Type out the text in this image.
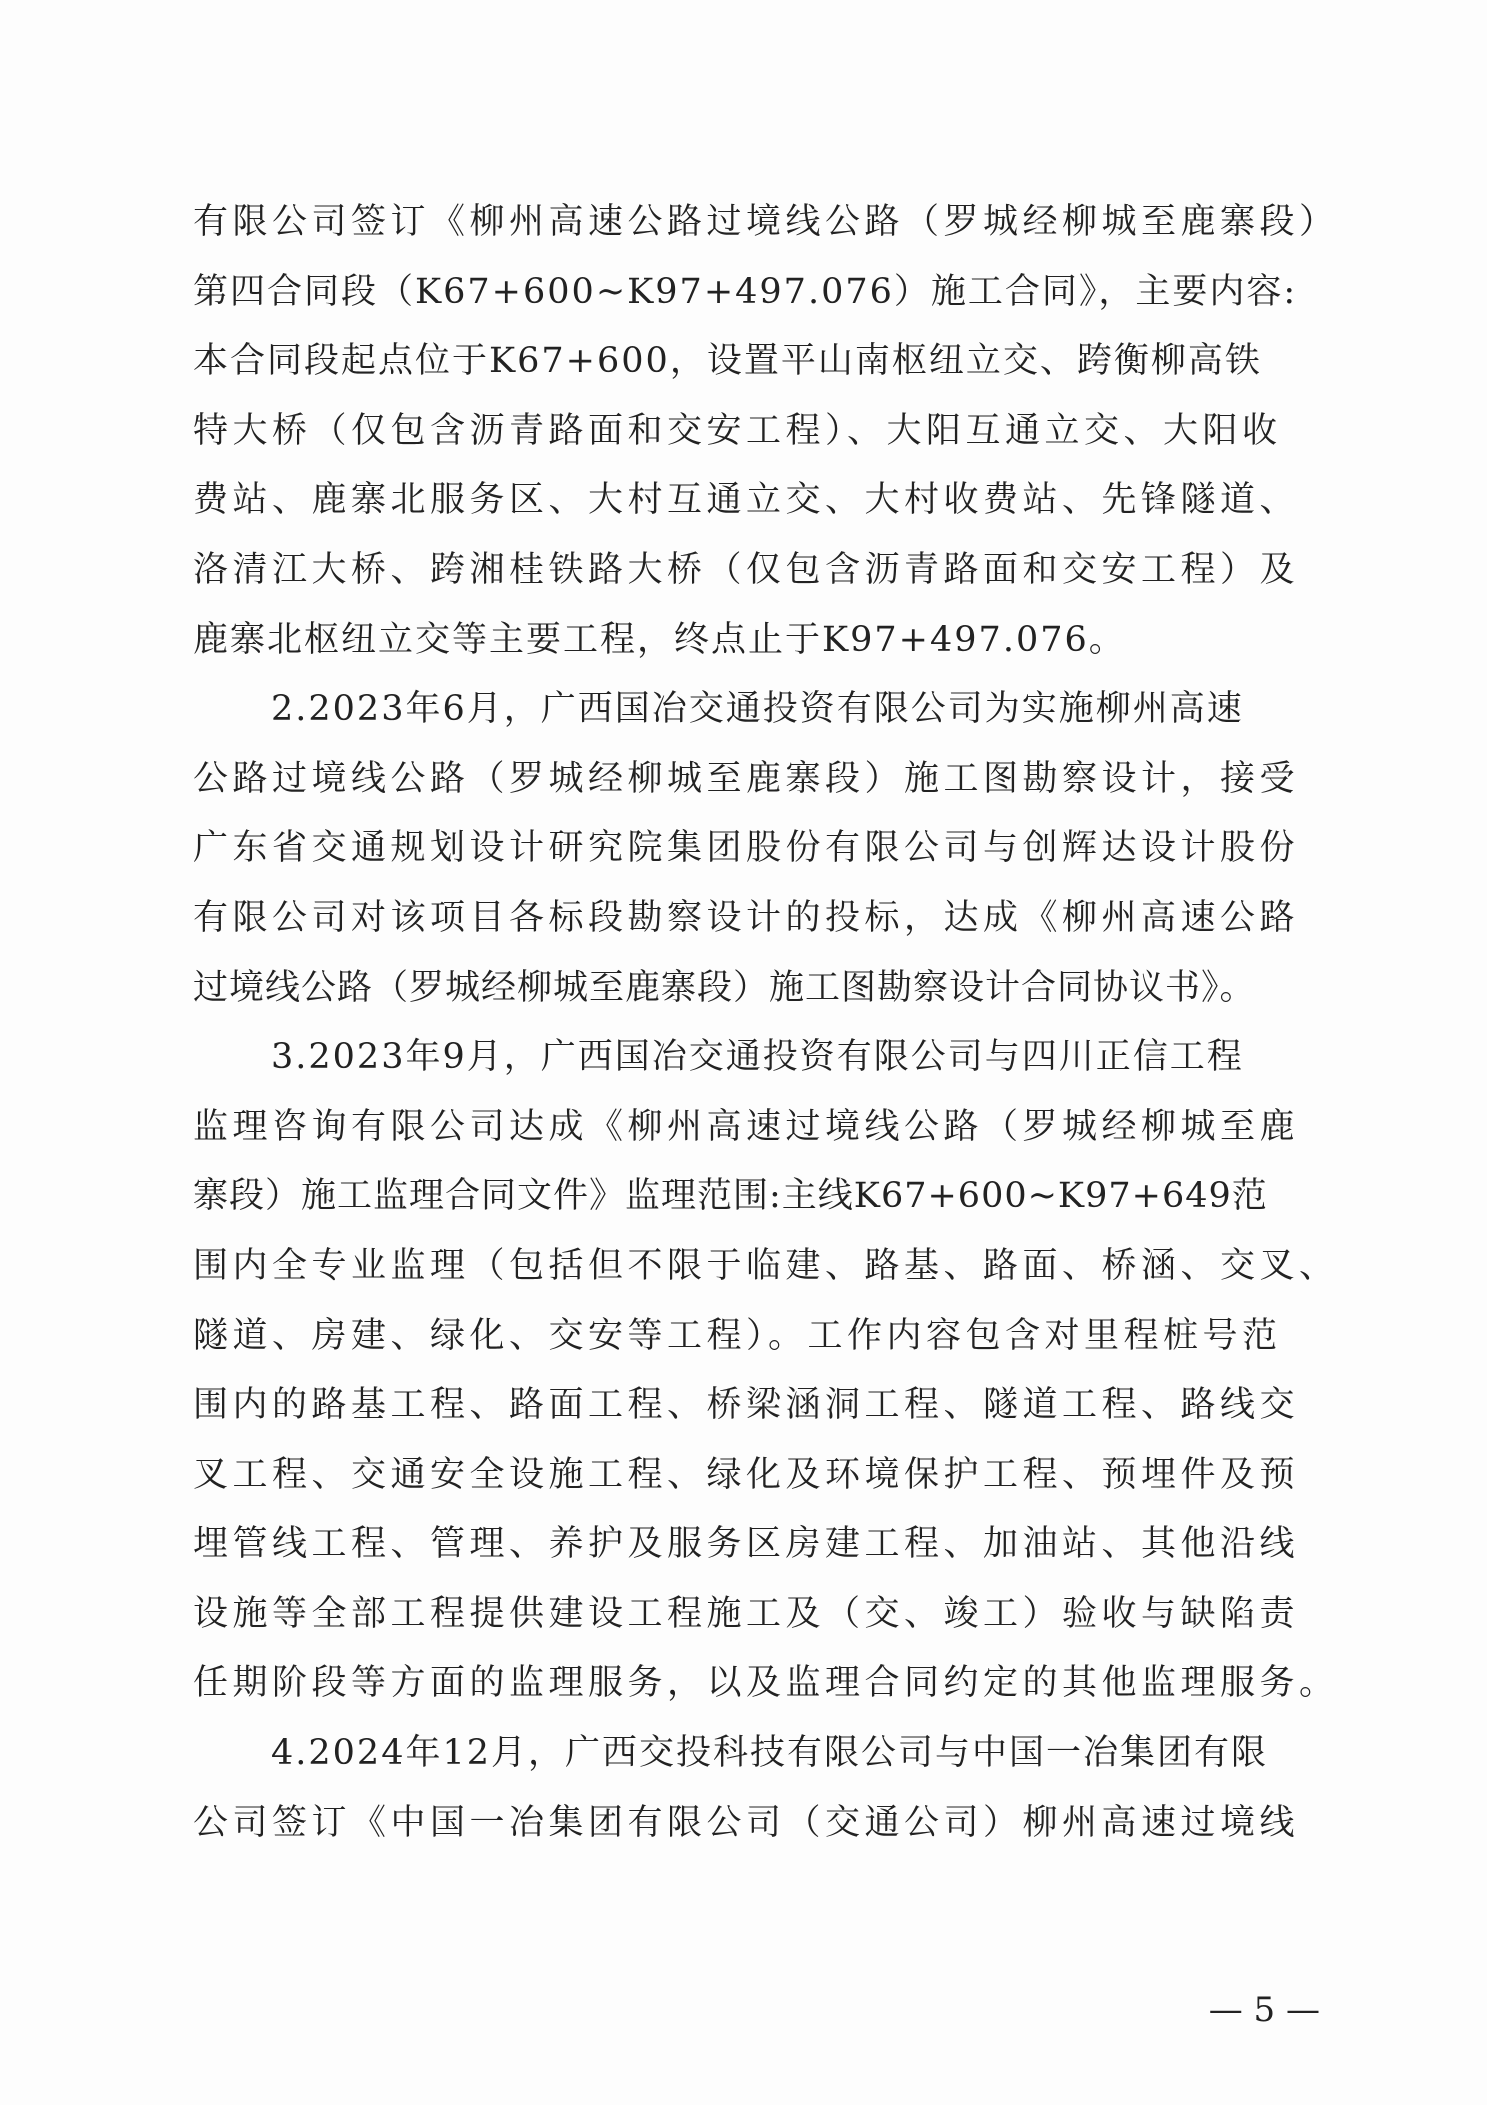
有限公司签订《柳州高速公路过境线公路（罗城经柳城至鹿寨段）
第四合同段（K67+600~K97+497.076）施工合同》，主要内容:
本合同段起点位于K67+600，设置平山南枢纽立交、跨衡柳高铁
特大桥（仅包含沥青路面和交安工程）、大阳互通立交、大阳收
费站、鹿寨北服务区、大村互通立交、大村收费站、先锋隧道、
洛清江大桥、跨湘桂铁路大桥（仅包含沥青路面和交安工程）及
鹿寨北枢纽立交等主要工程，终点止于K97+497.076。
2.2023年6月，广西国冶交通投资有限公司为实施柳州高速
公路过境线公路（罗城经柳城至鹿寨段）施工图勘察设计，接受
广东省交通规划设计研究院集团股份有限公司与创辉达设计股份
有限公司对该项目各标段勘察设计的投标，达成《柳州高速公路
过境线公路（罗城经柳城至鹿寨段）施工图勘察设计合同协议书》。
3.2023年9月，广西国冶交通投资有限公司与四川正信工程
监理咨询有限公司达成《柳州高速过境线公路（罗城经柳城至鹿
寨段）施工监理合同文件》监理范围:主线K67+600~K97+649范
围内全专业监理（包括但不限于临建、路基、路面、桥涵、交叉、
隧道、房建、绿化、交安等工程）。工作内容包含对里程桩号范
围内的路基工程、路面工程、桥梁涵洞工程、隧道工程、路线交
叉工程、交通安全设施工程、绿化及环境保护工程、预埋件及预
埋管线工程、管理、养护及服务区房建工程、加油站、其他沿线
设施等全部工程提供建设工程施工及（交、竣工）验收与缺陷责
任期阶段等方面的监理服务，以及监理合同约定的其他监理服务。
4.2024年12月，广西交投科技有限公司与中国一冶集团有限
公司签订《中国一冶集团有限公司（交通公司）柳州高速过境线
— 5 —
